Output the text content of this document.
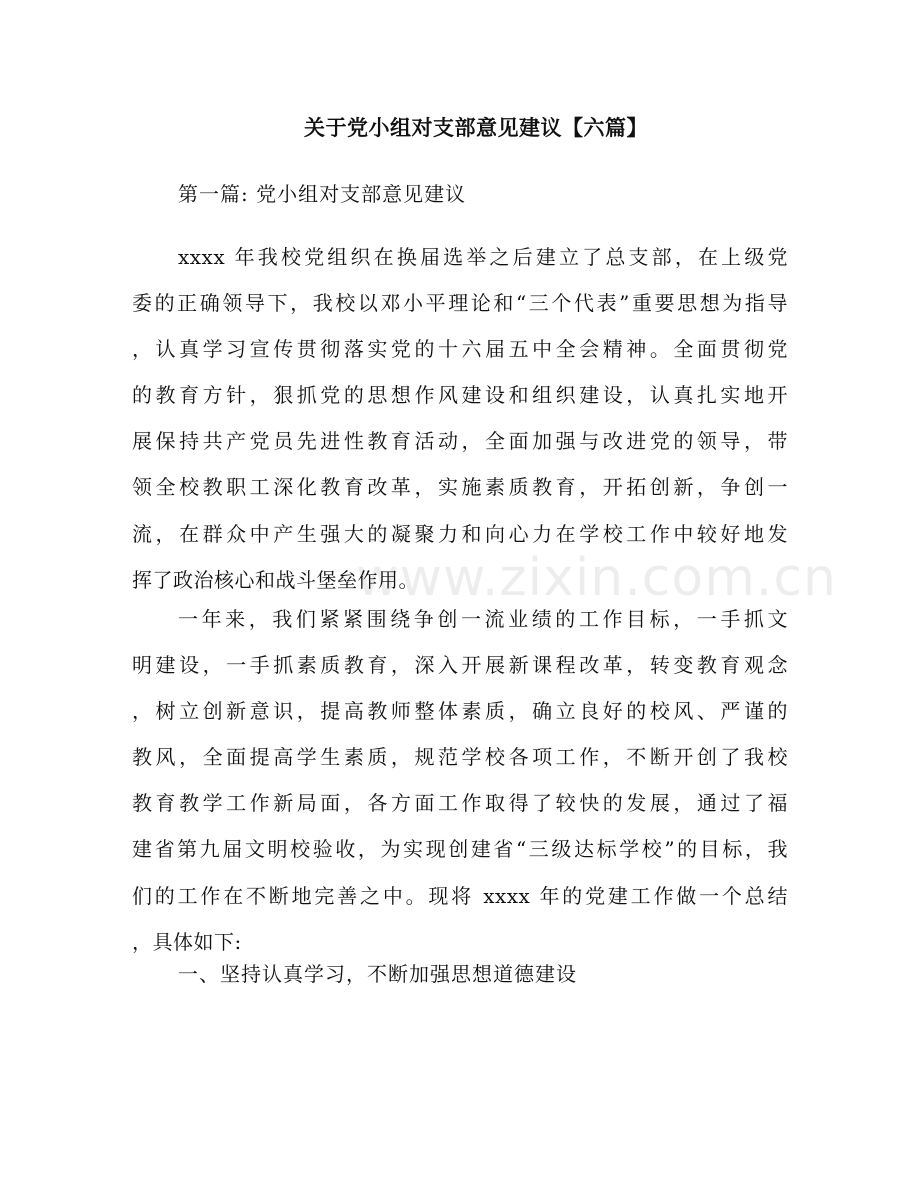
关于党小组对支部意见建议【六篇】
第一篇: 党小组对支部意见建议
xxxx 年我校党组织在换届选举之后建立了总支部，在上级党
委的正确领导下，我校以邓小平理论和“三个代表”重要思想为指导
，认真学习宣传贯彻落实党的十六届五中全会精神。全面贯彻党
的教育方针，狠抓党的思想作风建设和组织建设，认真扎实地开
展保持共产党员先进性教育活动，全面加强与改进党的领导，带
领全校教职工深化教育改革，实施素质教育，开拓创新，争创一
流，在群众中产生强大的凝聚力和向心力在学校工作中较好地发
挥了政治核心和战斗堡垒作用。
一年来，我们紧紧围绕争创一流业绩的工作目标，一手抓文
明建设，一手抓素质教育，深入开展新课程改革，转变教育观念
，树立创新意识，提高教师整体素质，确立良好的校风、严谨的
教风，全面提高学生素质，规范学校各项工作，不断开创了我校
教育教学工作新局面，各方面工作取得了较快的发展，通过了福
建省第九届文明校验收，为实现创建省“三级达标学校”的目标，我
们的工作在不断地完善之中。现将 xxxx 年的党建工作做一个总结
，具体如下:
一、坚持认真学习，不断加强思想道德建设
www.zixin.com.cn
